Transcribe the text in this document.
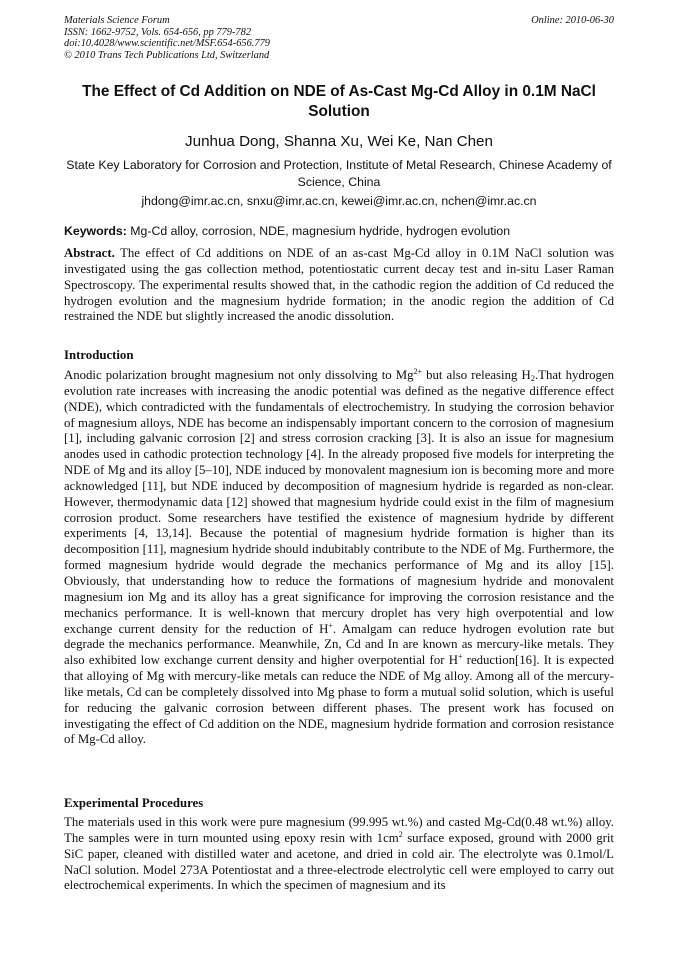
Materials Science Forum
ISSN: 1662-9752, Vols. 654-656, pp 779-782
doi:10.4028/www.scientific.net/MSF.654-656.779
© 2010 Trans Tech Publications Ltd, Switzerland
Online: 2010-06-30
The Effect of Cd Addition on NDE of As-Cast Mg-Cd Alloy in 0.1M NaCl Solution
Junhua Dong, Shanna Xu, Wei Ke, Nan Chen
State Key Laboratory for Corrosion and Protection, Institute of Metal Research, Chinese Academy of Science, China
jhdong@imr.ac.cn, snxu@imr.ac.cn, kewei@imr.ac.cn, nchen@imr.ac.cn
Keywords: Mg-Cd alloy, corrosion, NDE, magnesium hydride, hydrogen evolution
Abstract. The effect of Cd additions on NDE of an as-cast Mg-Cd alloy in 0.1M NaCl solution was investigated using the gas collection method, potentiostatic current decay test and in-situ Laser Raman Spectroscopy. The experimental results showed that, in the cathodic region the addition of Cd reduced the hydrogen evolution and the magnesium hydride formation; in the anodic region the addition of Cd restrained the NDE but slightly increased the anodic dissolution.
Introduction
Anodic polarization brought magnesium not only dissolving to $Mg^{2+}$ but also releasing $H_2.That$ hydrogen evolution rate increases with increasing the anodic potential was defined as the negative difference effect (NDE), which contradicted with the fundamentals of electrochemistry. In studying the corrosion behavior of magnesium alloys, NDE has become an indispensably important concern to the corrosion of magnesium [1], including galvanic corrosion [2] and stress corrosion cracking [3]. It is also an issue for magnesium anodes used in cathodic protection technology [4]. In the already proposed five models for interpreting the NDE of Mg and its alloy [5–10], NDE induced by monovalent magnesium ion is becoming more and more acknowledged [11], but NDE induced by decomposition of magnesium hydride is regarded as non-clear. However, thermodynamic data [12] showed that magnesium hydride could exist in the film of magnesium corrosion product. Some researchers have testified the existence of magnesium hydride by different experiments [4, 13,14]. Because the potential of magnesium hydride formation is higher than its decomposition [11], magnesium hydride should indubitably contribute to the NDE of Mg. Furthermore, the formed magnesium hydride would degrade the mechanics performance of Mg and its alloy [15]. Obviously, that understanding how to reduce the formations of magnesium hydride and monovalent magnesium ion Mg and its alloy has a great significance for improving the corrosion resistance and the mechanics performance. It is well-known that mercury droplet has very high overpotential and low exchange current density for the reduction of H+. Amalgam can reduce hydrogen evolution rate but degrade the mechanics performance. Meanwhile, Zn, Cd and In are known as mercury-like metals. They also exhibited low exchange current density and higher overpotential for H+ reduction[16]. It is expected that alloying of Mg with mercury-like metals can reduce the NDE of Mg alloy. Among all of the mercury-like metals, Cd can be completely dissolved into Mg phase to form a mutual solid solution, which is useful for reducing the galvanic corrosion between different phases. The present work has focused on investigating the effect of Cd addition on the NDE, magnesium hydride formation and corrosion resistance of Mg-Cd alloy.
Experimental Procedures
The materials used in this work were pure magnesium (99.995 wt.%) and casted Mg-Cd(0.48 wt.%) alloy. The samples were in turn mounted using epoxy resin with $1cm^2$ surface exposed, ground with 2000 grit SiC paper, cleaned with distilled water and acetone, and dried in cold air. The electrolyte was 0.1mol/L NaCl solution. Model 273A Potentiostat and a three-electrode electrolytic cell were employed to carry out electrochemical experiments. In which the specimen of magnesium and its
